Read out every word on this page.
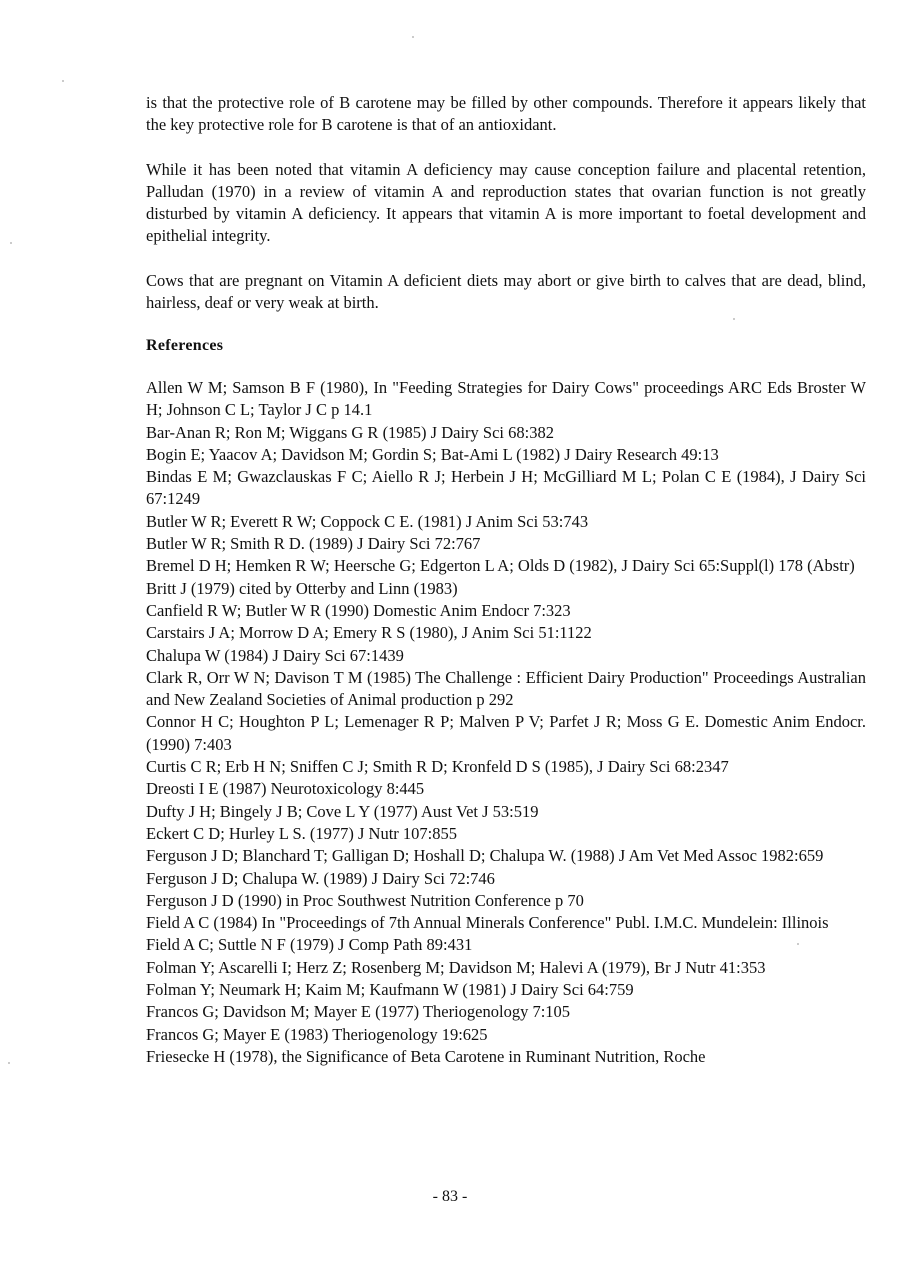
is that the protective role of B carotene may be filled by other compounds. Therefore it appears likely that the key protective role for B carotene is that of an antioxidant.

While it has been noted that vitamin A deficiency may cause conception failure and placental retention, Palludan (1970) in a review of vitamin A and reproduction states that ovarian function is not greatly disturbed by vitamin A deficiency. It appears that vitamin A is more important to foetal development and epithelial integrity.

Cows that are pregnant on Vitamin A deficient diets may abort or give birth to calves that are dead, blind, hairless, deaf or very weak at birth.

References
Allen W M; Samson B F (1980), In "Feeding Strategies for Dairy Cows" proceedings ARC Eds Broster W H; Johnson C L; Taylor J C p 14.1
Bar-Anan R; Ron M; Wiggans G R (1985) J Dairy Sci 68:382
Bogin E; Yaacov A; Davidson M; Gordin S; Bat-Ami L (1982) J Dairy Research 49:13
Bindas E M; Gwazclauskas F C; Aiello R J; Herbein J H; McGilliard M L; Polan C E (1984), J Dairy Sci 67:1249
Butler W R; Everett R W; Coppock C E. (1981) J Anim Sci 53:743
Butler W R; Smith R D. (1989) J Dairy Sci 72:767
Bremel D H; Hemken R W; Heersche G; Edgerton L A; Olds D (1982), J Dairy Sci 65:Suppl(l) 178 (Abstr)
Britt J (1979) cited by Otterby and Linn (1983)
Canfield R W; Butler W R (1990) Domestic Anim Endocr 7:323
Carstairs J A; Morrow D A; Emery R S (1980), J Anim Sci 51:1122
Chalupa W (1984) J Dairy Sci 67:1439
Clark R, Orr W N; Davison T M (1985) The Challenge : Efficient Dairy Production" Proceedings Australian and New Zealand Societies of Animal production p 292
Connor H C; Houghton P L; Lemenager R P; Malven P V; Parfet J R; Moss G E. Domestic Anim Endocr. (1990) 7:403
Curtis C R; Erb H N; Sniffen C J; Smith R D; Kronfeld D S (1985), J Dairy Sci 68:2347
Dreosti I E (1987) Neurotoxicology 8:445
Dufty J H; Bingely J B; Cove L Y (1977) Aust Vet J 53:519
Eckert C D; Hurley L S. (1977) J Nutr 107:855
Ferguson J D; Blanchard T; Galligan D; Hoshall D; Chalupa W. (1988) J Am Vet Med Assoc 1982:659
Ferguson J D; Chalupa W. (1989) J Dairy Sci 72:746
Ferguson J D (1990) in Proc Southwest Nutrition Conference p 70
Field A C (1984) In "Proceedings of 7th Annual Minerals Conference" Publ. I.M.C. Mundelein: Illinois
Field A C; Suttle N F (1979) J Comp Path 89:431
Folman Y; Ascarelli I; Herz Z; Rosenberg M; Davidson M; Halevi A (1979), Br J Nutr 41:353
Folman Y; Neumark H; Kaim M; Kaufmann W (1981) J Dairy Sci 64:759
Francos G; Davidson M; Mayer E (1977) Theriogenology 7:105
Francos G; Mayer E (1983) Theriogenology 19:625
Friesecke H (1978), the Significance of Beta Carotene in Ruminant Nutrition, Roche
- 83 -
